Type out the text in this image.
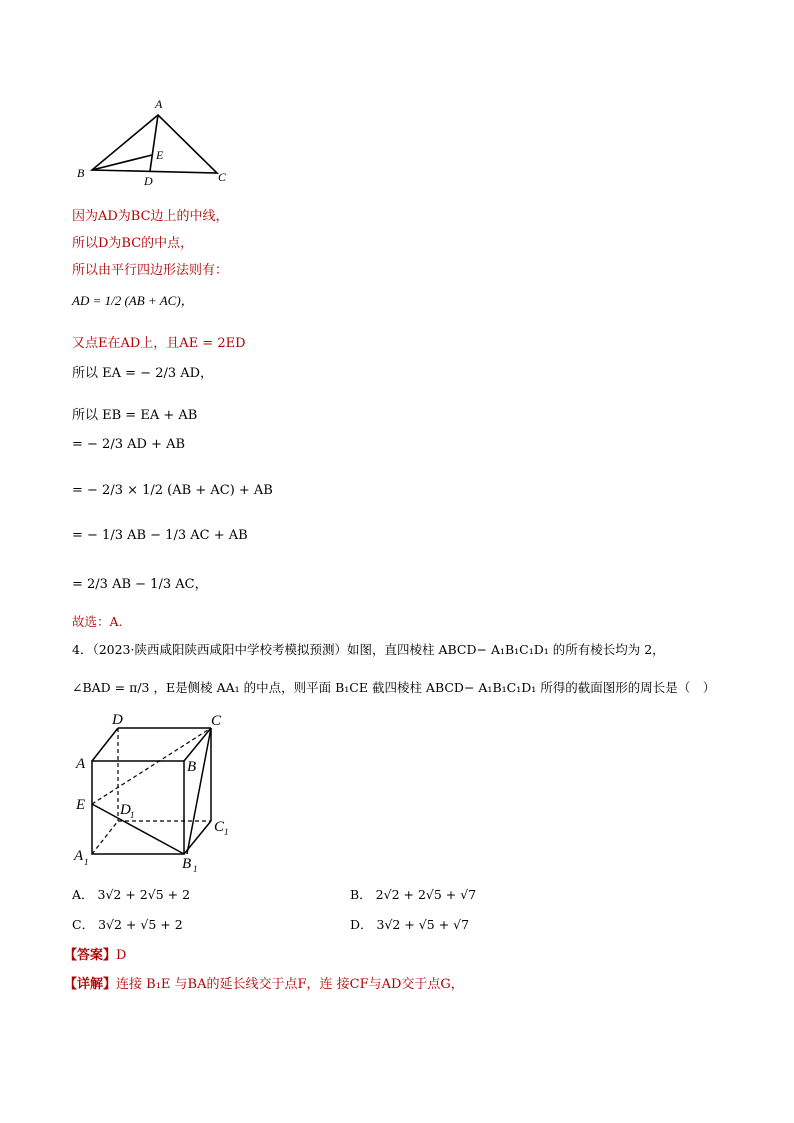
A
B	C
D
E
因为AD为BC边上的中线，
所以D为BC的中点，
所以由平行四边形法则有：
AD = 1/2 (AB + AC)，
又点E在AD上，且AE = 2ED
所以 EA = − 2/3 AD，
所以 EB = EA + AB
= − 2/3 AD + AB
= − 2/3 × 1/2 (AB + AC) + AB
= − 1/3 AB − 1/3 AC + AB
= 2/3 AB − 1/3 AC，
故选：A.
4．（2023·陕西咸阳陕西咸阳中学校考模拟预测）如图，直四棱柱 ABCD− A₁B₁C₁D₁ 的所有棱长均为 2，
∠BAD = π/3 ，E是侧棱 AA₁ 的中点，则平面 B₁CE 截四棱柱 ABCD− A₁B₁C₁D₁ 所得的截面图形的周长是（　）
D	C
A	B
E D 1
C 1
A 1	B 1
A． 3√2 + 2√5 + 2	B． 2√2 + 2√5 + √7
C． 3√2 + √5 + 2	D． 3√2 + √5 + √7
【答案】D
【详解】连接 B₁E 与BA的延长线交于点F，连 接CF与AD交于点G，
